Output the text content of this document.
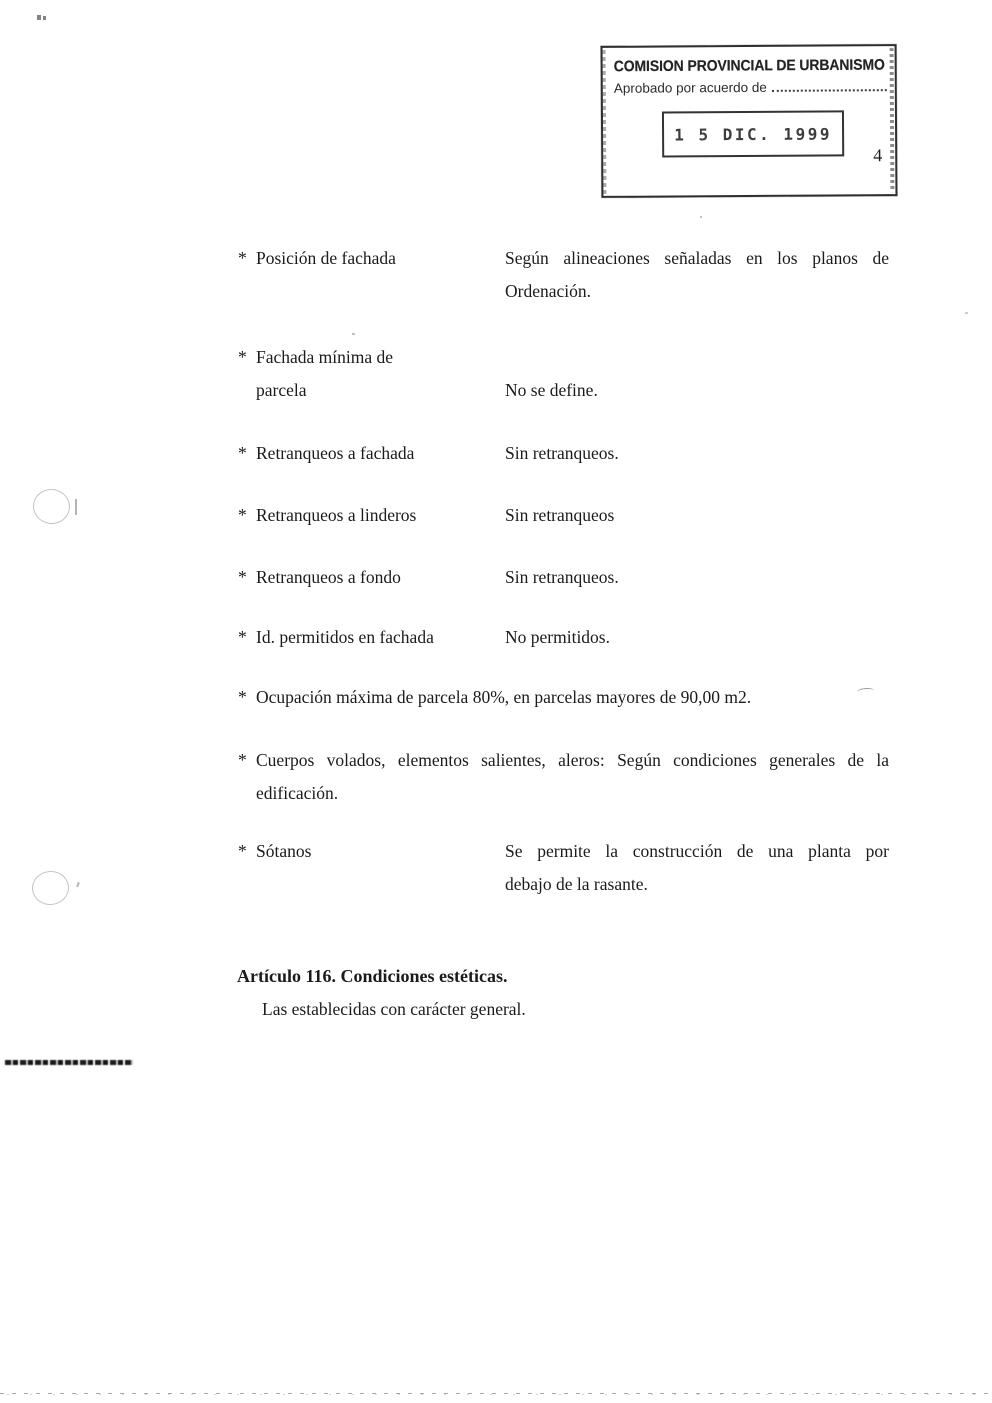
COMISION PROVINCIAL DE URBANISMO
Aprobado por acuerdo de
1 5 DIC. 1999
4
* Posición de fachada	Según alineaciones señaladas en los planos de
Ordenación.
* Fachada mínima de
parcela	No se define.
* Retranqueos a fachada	Sin retranqueos.
* Retranqueos a linderos	Sin retranqueos
* Retranqueos a fondo	Sin retranqueos.
* Id. permitidos en fachada	No permitidos.
* Ocupación máxima de parcela 80%, en parcelas mayores de 90,00 m2.
* Cuerpos volados, elementos salientes, aleros: Según condiciones generales de la
edificación.
* Sótanos	Se permite la construcción de una planta por
debajo de la rasante.
Artículo 116. Condiciones estéticas.
Las establecidas con carácter general.
